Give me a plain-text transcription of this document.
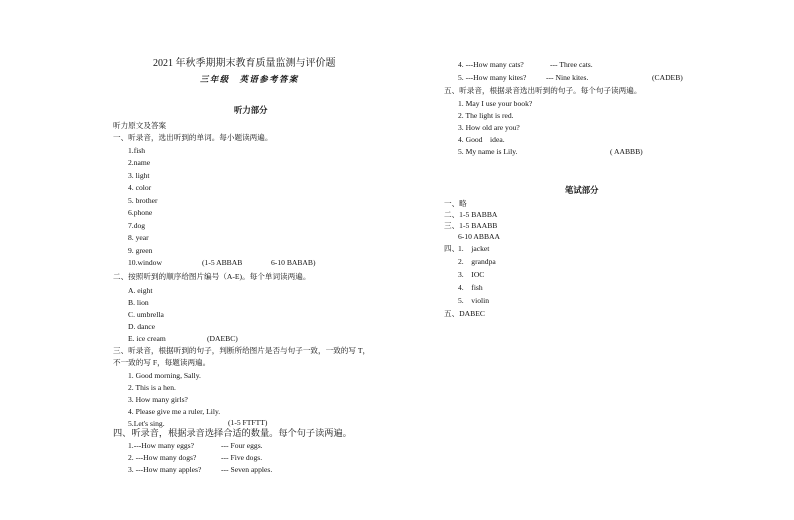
2021 年秋季期期末教育质量监测与评价题
三年级　英语参考答案
听力部分
听力原文及答案
一、听录音，选出听到的单词。每小题读两遍。
1.fish
2.name
3. light
4. color
5. brother
6.phone
7.dog
8. year
9. green
10.window	(1-5 ABBAB	6-10 BABAB)
二、按照听到的顺序给图片编号（A-E)。每个单词读两遍。
A. eight
B. lion
C. umbrella
D. dance
E. ice cream	(DAEBC)
三、听录音，根据听到的句子，判断所给图片是否与句子一致，一致的写 T，
不一致的写 F，每题读两遍。
1. Good morning, Sally.
2. This is a hen.
3. How many girls?
4. Please give me a ruler, Lily.
5.Let's sing.	(1-5 FTFTT)
四、听录音，根据录音选择合适的数量。每个句子读两遍。
1.---How many eggs?	--- Four eggs.
2. ---How many dogs?	--- Five dogs.
3. ---How many apples?	--- Seven apples.
4. ---How many cats?	--- Three cats.
5. ---How many kites?	--- Nine kites.	(CADEB)
五、听录音，根据录音选出听到的句子。每个句子读两遍。
1. May I use your book?
2. The light is red.
3. How old are you?
4. Good　idea.
5. My name is Lily.	( AABBB)
笔试部分
一、略
二、1-5 BABBA
三、1-5 BAABB
6-10 ABBAA
四、
1.　jacket
2.　grandpa
3.　IOC
4.　fish
5.　violin
五、DABEC
